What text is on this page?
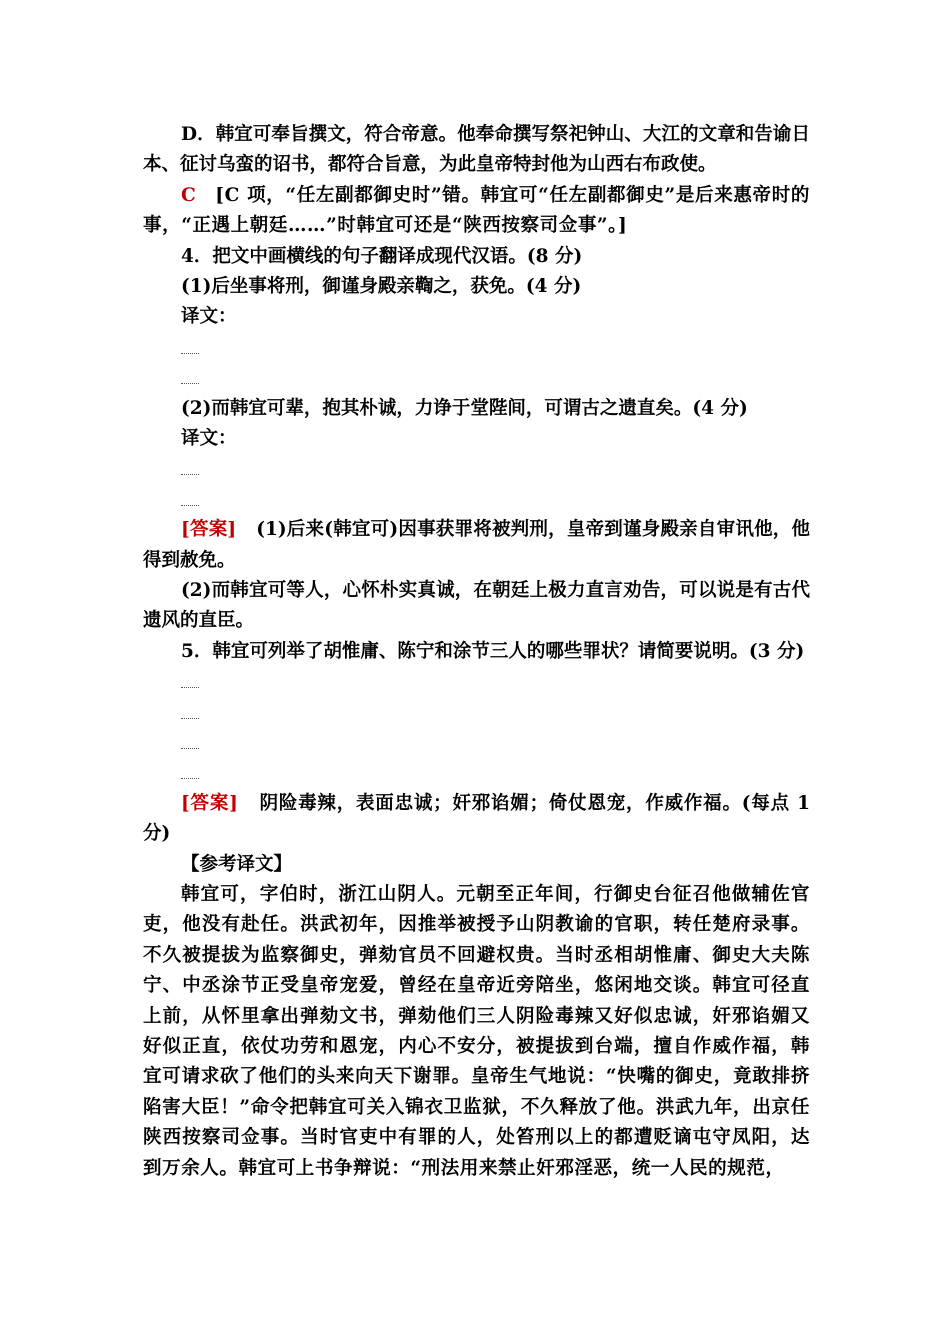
D．韩宜可奉旨撰文，符合帝意。他奉命撰写祭祀钟山、大江的文章和告谕日本、征讨乌蛮的诏书，都符合旨意，为此皇帝特封他为山西右布政使。

C [C 项，“任左副都御史时”错。韩宜可“任左副都御史”是后来惠帝时的事，“正遇上朝廷……”时韩宜可还是“陕西按察司佥事”。]

4．把文中画横线的句子翻译成现代汉语。(8 分)

(1)后坐事将刑，御谨身殿亲鞫之，获免。(4 分)

译文：

(2)而韩宜可辈，抱其朴诚，力诤于堂陛间，可谓古之遗直矣。(4 分)

译文：

[答案] (1)后来(韩宜可)因事获罪将被判刑，皇帝到谨身殿亲自审讯他，他得到赦免。

(2)而韩宜可等人，心怀朴实真诚，在朝廷上极力直言劝告，可以说是有古代遗风的直臣。

5．韩宜可列举了胡惟庸、陈宁和涂节三人的哪些罪状？请简要说明。(3 分)

[答案] 阴险毒辣，表面忠诚；奸邪谄媚；倚仗恩宠，作威作福。(每点 1 分)

【参考译文】

韩宜可，字伯时，浙江山阴人。元朝至正年间，行御史台征召他做辅佐官吏，他没有赴任。洪武初年，因推举被授予山阴教谕的官职，转任楚府录事。不久被提拔为监察御史，弹劾官员不回避权贵。当时丞相胡惟庸、御史大夫陈宁、中丞涂节正受皇帝宠爱，曾经在皇帝近旁陪坐，悠闲地交谈。韩宜可径直上前，从怀里拿出弹劾文书，弹劾他们三人阴险毒辣又好似忠诚，奸邪谄媚又好似正直，依仗功劳和恩宠，内心不安分，被提拔到台端，擅自作威作福，韩宜可请求砍了他们的头来向天下谢罪。皇帝生气地说：“快嘴的御史，竟敢排挤陷害大臣！”命令把韩宜可关入锦衣卫监狱，不久释放了他。洪武九年，出京任陕西按察司佥事。当时官吏中有罪的人，处笞刑以上的都遭贬谪屯守凤阳，达到万余人。韩宜可上书争辩说：“刑法用来禁止奸邪淫恶，统一人民的规范，
